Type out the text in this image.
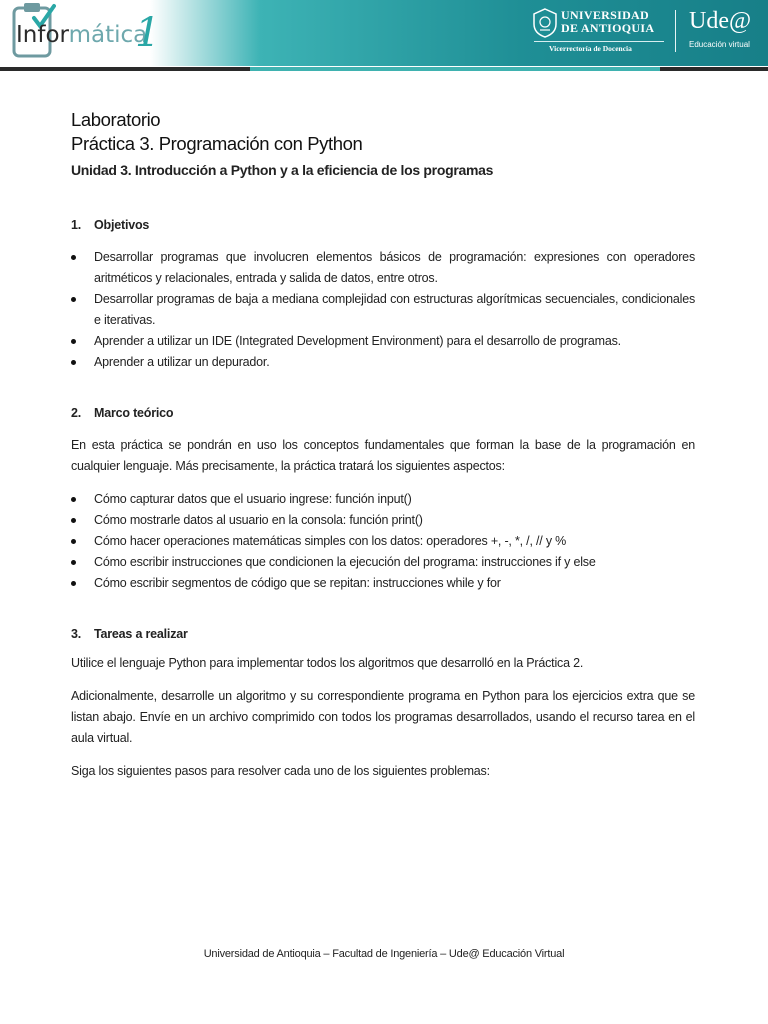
Informática
1	UNIVERSIDAD
DE ANTIOQUIA
Vicerrectoría de Docencia
Ude@
Educación virtual
Laboratorio
Práctica 3. Programación con Python
Unidad 3. Introducción a Python y a la eficiencia de los programas
1. Objetivos
Desarrollar programas que involucren elementos básicos de programación: expresiones con operadores aritméticos y relacionales, entrada y salida de datos, entre otros.
Desarrollar programas de baja a mediana complejidad con estructuras algorítmicas secuenciales, condicionales e iterativas.
Aprender a utilizar un IDE (Integrated Development Environment) para el desarrollo de programas.
Aprender a utilizar un depurador.
2. Marco teórico

En esta práctica se pondrán en uso los conceptos fundamentales que forman la base de la programación en cualquier lenguaje. Más precisamente, la práctica tratará los siguientes aspectos:

Cómo capturar datos que el usuario ingrese: función input()
Cómo mostrarle datos al usuario en la consola: función print()
Cómo hacer operaciones matemáticas simples con los datos: operadores +, -, *, /, // y %
Cómo escribir instrucciones que condicionen la ejecución del programa: instrucciones if y else
Cómo escribir segmentos de código que se repitan: instrucciones while y for
3. Tareas a realizar

Utilice el lenguaje Python para implementar todos los algoritmos que desarrolló en la Práctica 2.

Adicionalmente, desarrolle un algoritmo y su correspondiente programa en Python para los ejercicios extra que se listan abajo. Envíe en un archivo comprimido con todos los programas desarrollados, usando el recurso tarea en el aula virtual.

Siga los siguientes pasos para resolver cada uno de los siguientes problemas:

Universidad de Antioquia – Facultad de Ingeniería – Ude@ Educación Virtual
